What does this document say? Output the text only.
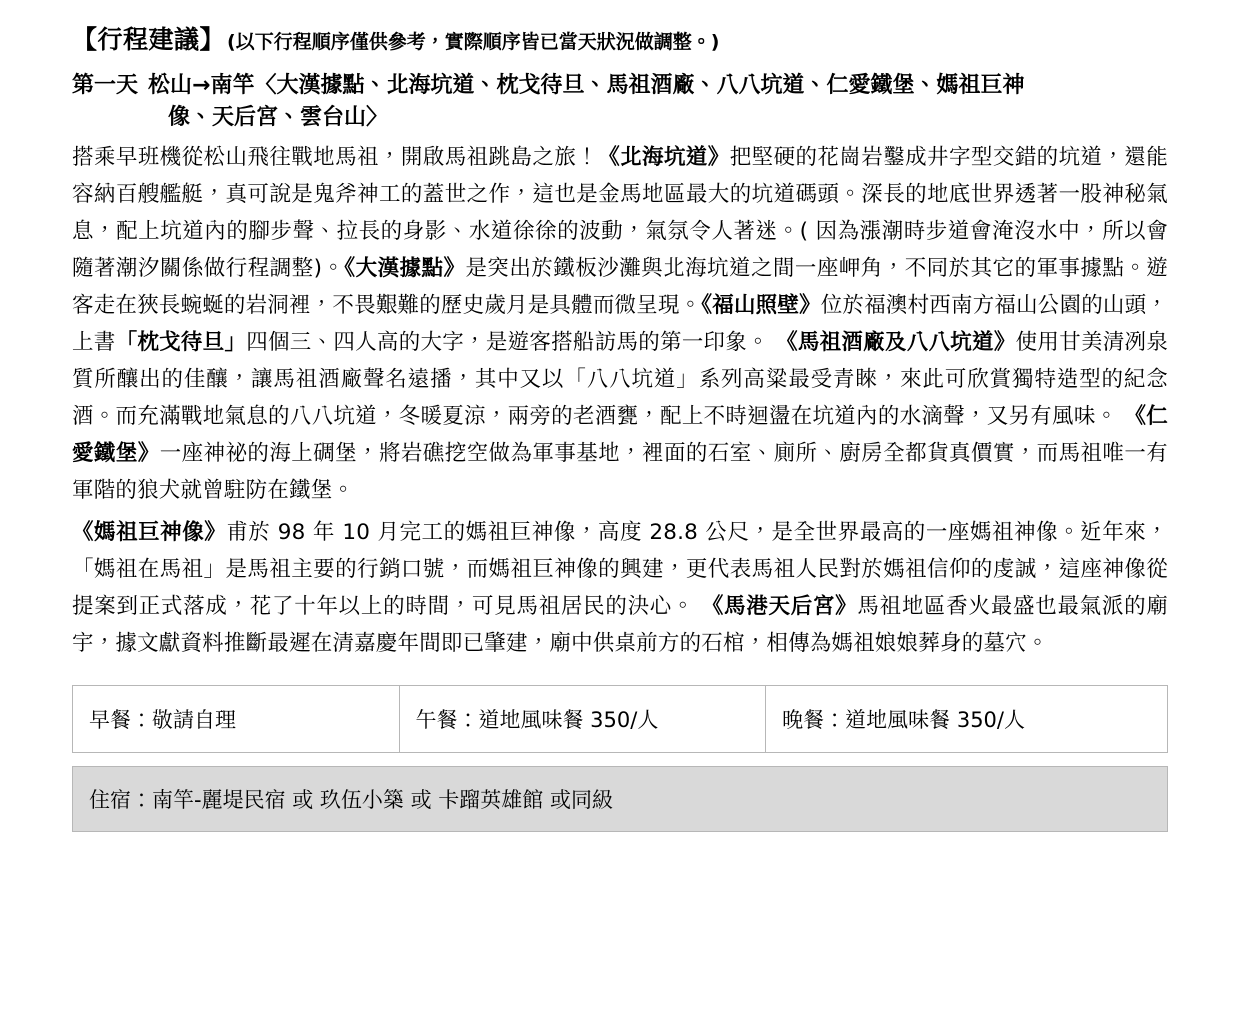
【行程建議】 (以下行程順序僅供參考，實際順序皆已當天狀況做調整。)
第一天 松山→南竿〈大漢據點、北海坑道、枕戈待旦、馬祖酒廠、八八坑道、仁愛鐵堡、媽祖巨神
像、天后宮、雲台山〉

搭乘早班機從松山飛往戰地馬祖，開啟馬祖跳島之旅！《北海坑道》把堅硬的花崗岩鑿成井字型交錯的坑道，還能容納百艘艦艇，真可說是鬼斧神工的蓋世之作，這也是金馬地區最大的坑道碼頭。深長的地底世界透著一股神秘氣息，配上坑道內的腳步聲、拉長的身影、水道徐徐的波動，氣氛令人著迷。( 因為漲潮時步道會淹沒水中，所以會隨著潮汐關係做行程調整)。《大漢據點》是突出於鐵板沙灘與北海坑道之間一座岬角，不同於其它的軍事據點。遊客走在狹長蜿蜒的岩洞裡，不畏艱難的歷史歲月是具體而微呈現。《福山照壁》位於福澳村西南方福山公園的山頭，上書「枕戈待旦」四個三、四人高的大字，是遊客搭船訪馬的第一印象。 《馬祖酒廠及八八坑道》使用甘美清冽泉質所釀出的佳釀，讓馬祖酒廠聲名遠播，其中又以「八八坑道」系列高粱最受青睞，來此可欣賞獨特造型的紀念酒。而充滿戰地氣息的八八坑道，冬暖夏涼，兩旁的老酒甕，配上不時迴盪在坑道內的水滴聲，又另有風味。 《仁愛鐵堡》一座神祕的海上碉堡，將岩礁挖空做為軍事基地，裡面的石室、廁所、廚房全都貨真價實，而馬祖唯一有軍階的狼犬就曾駐防在鐵堡。

《媽祖巨神像》甫於 98 年 10 月完工的媽祖巨神像，高度 28.8 公尺，是全世界最高的一座媽祖神像。近年來，「媽祖在馬祖」是馬祖主要的行銷口號，而媽祖巨神像的興建，更代表馬祖人民對於媽祖信仰的虔誠，這座神像從提案到正式落成，花了十年以上的時間，可見馬祖居民的決心。 《馬港天后宮》馬祖地區香火最盛也最氣派的廟宇，據文獻資料推斷最遲在清嘉慶年間即已肇建，廟中供桌前方的石棺，相傳為媽祖娘娘葬身的墓穴。

早餐：敬請自理	午餐：道地風味餐 350/人	晚餐：道地風味餐 350/人
住宿：南竿-麗堤民宿 或 玖伍小築 或 卡蹓英雄館 或同級
